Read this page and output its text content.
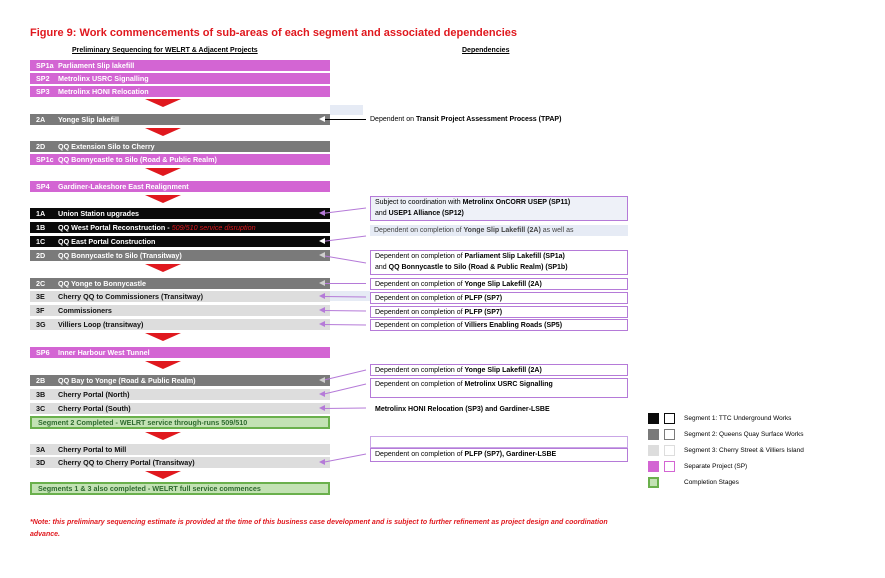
Figure 9: Work commencements of sub-areas of each segment and associated dependencies
Preliminary Sequencing for WELRT & Adjacent Projects	Dependencies
SP1a Parliament Slip lakefill
SP2 Metrolinx USRC Signalling
SP3 Metrolinx HONI Relocation
2A Yonge Slip lakefill
2D QQ Extension Silo to Cherry
SP1c QQ Bonnycastle to Silo (Road & Public Realm)
SP4 Gardiner-Lakeshore East Realignment
1A Union Station upgrades
1B QQ West Portal Reconstruction - 509/510 service disruption
1C QQ East Portal Construction
2D QQ Bonnycastle to Silo (Transitway)
2C QQ Yonge to Bonnycastle
3E Cherry QQ to Commissioners (Transitway)
3F Commissioners
3G Villiers Loop (transitway)
SP6 Inner Harbour West Tunnel
2B QQ Bay to Yonge (Road & Public Realm)
3B Cherry Portal (North)
3C Cherry Portal (South)
Segment 2 Completed - WELRT service through-runs 509/510
3A Cherry Portal to Mill
3D Cherry QQ to Cherry Portal (Transitway)
Segments 1 & 3 also completed - WELRT full service commences
Dependent on Transit Project Assessment Process (TPAP)
Subject to coordination with Metrolinx OnCORR USEP (SP11)
and USEP1 Alliance (SP12)
Dependent on completion of Yonge Slip Lakefill (2A) as well as
Dependent on completion of Parliament Slip Lakefill (SP1a)
and QQ Bonnycastle to Silo (Road & Public Realm) (SP1b)
Dependent on completion of Yonge Slip Lakefill (2A)
Dependent on completion of PLFP (SP7)
Dependent on completion of PLFP (SP7)
Dependent on completion of Villiers Enabling Roads (SP5)
Dependent on completion of Yonge Slip Lakefill (2A)
Dependent on completion of Metrolinx USRC Signalling
Metrolinx HONI Relocation (SP3) and Gardiner-LSBE
Dependent on completion of PLFP (SP7), Gardiner-LSBE
Segment 1: TTC Underground Works
Segment 2: Queens Quay Surface Works
Segment 3: Cherry Street & Villiers Island
Separate Project (SP)
Completion Stages
*Note: this preliminary sequencing estimate is provided at the time of this business case development and is subject to further refinement as project design and coordination advance.
